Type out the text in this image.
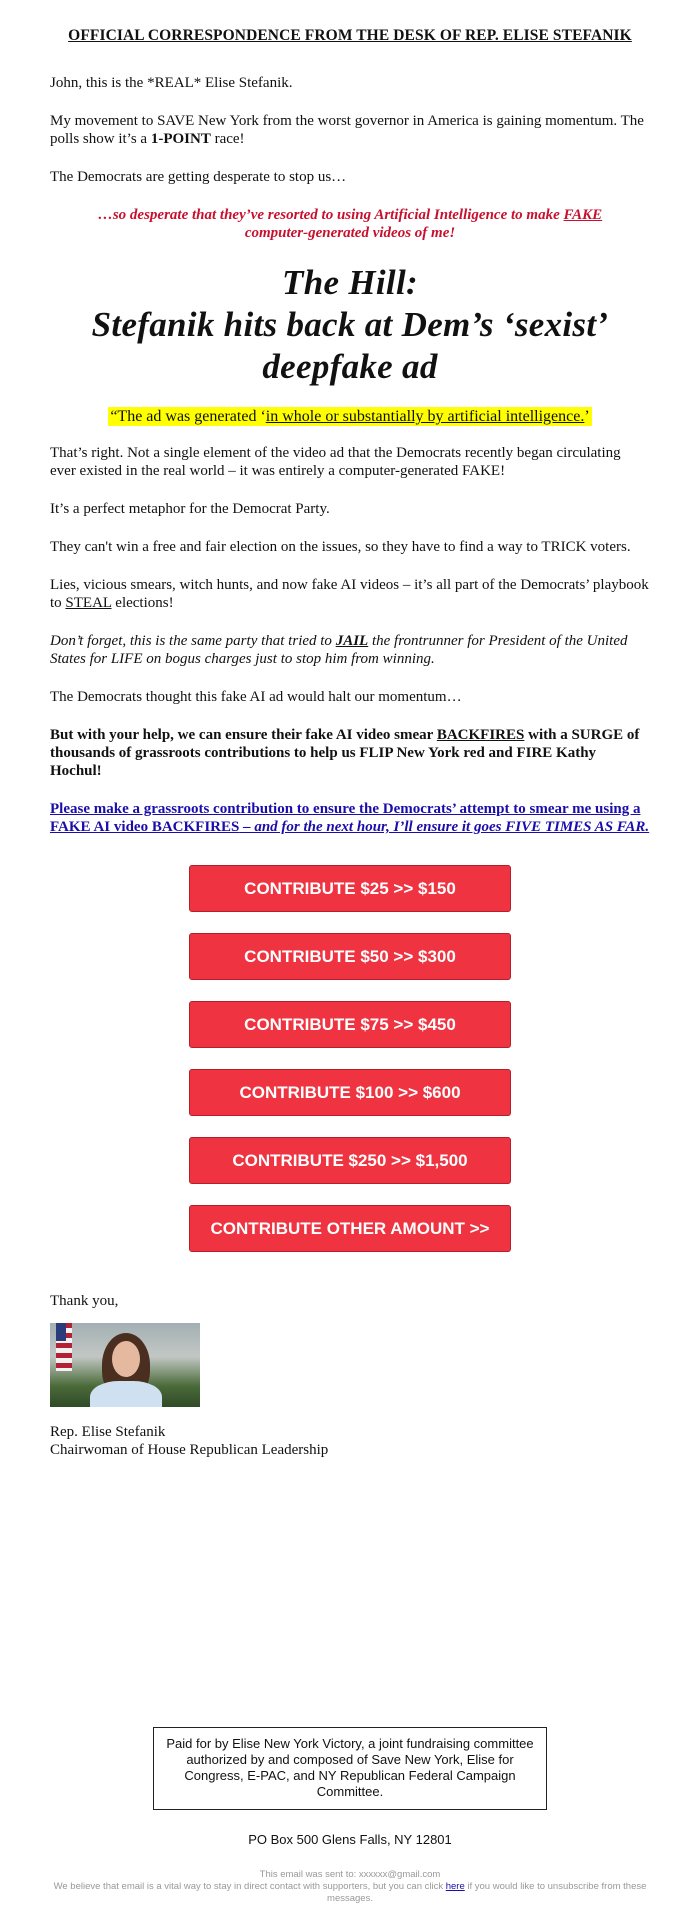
OFFICIAL CORRESPONDENCE FROM THE DESK OF REP. ELISE STEFANIK

John, this is the *REAL* Elise Stefanik.

My movement to SAVE New York from the worst governor in America is gaining momentum. The polls show it’s a 1-POINT race!

The Democrats are getting desperate to stop us…

…so desperate that they’ve resorted to using Artificial Intelligence to make FAKE computer-generated videos of me!

The Hill:
Stefanik hits back at Dem’s ‘sexist’ deepfake ad
“The ad was generated ‘in whole or substantially by artificial intelligence.’

That’s right. Not a single element of the video ad that the Democrats recently began circulating ever existed in the real world – it was entirely a computer-generated FAKE!

It’s a perfect metaphor for the Democrat Party.

They can't win a free and fair election on the issues, so they have to find a way to TRICK voters.

Lies, vicious smears, witch hunts, and now fake AI videos – it’s all part of the Democrats’ playbook to STEAL elections!

Don’t forget, this is the same party that tried to JAIL the frontrunner for President of the United States for LIFE on bogus charges just to stop him from winning.

The Democrats thought this fake AI ad would halt our momentum…

But with your help, we can ensure their fake AI video smear BACKFIRES with a SURGE of thousands of grassroots contributions to help us FLIP New York red and FIRE Kathy Hochul!

Please make a grassroots contribution to ensure the Democrats’ attempt to smear me using a FAKE AI video BACKFIRES – and for the next hour, I’ll ensure it goes FIVE TIMES AS FAR.

CONTRIBUTE $25 >> $150
CONTRIBUTE $50 >> $300
CONTRIBUTE $75 >> $450
CONTRIBUTE $100 >> $600
CONTRIBUTE $250 >> $1,500
CONTRIBUTE OTHER AMOUNT >>

Thank you,

Rep. Elise Stefanik

Chairwoman of House Republican Leadership

Paid for by Elise New York Victory, a joint fundraising committee authorized by and composed of Save New York, Elise for Congress, E-PAC, and NY Republican Federal Campaign Committee.
PO Box 500 Glens Falls, NY 12801
This email was sent to: xxxxxx@gmail.com
We believe that email is a vital way to stay in direct contact with supporters, but you can click here if you would like to unsubscribe from these messages.
